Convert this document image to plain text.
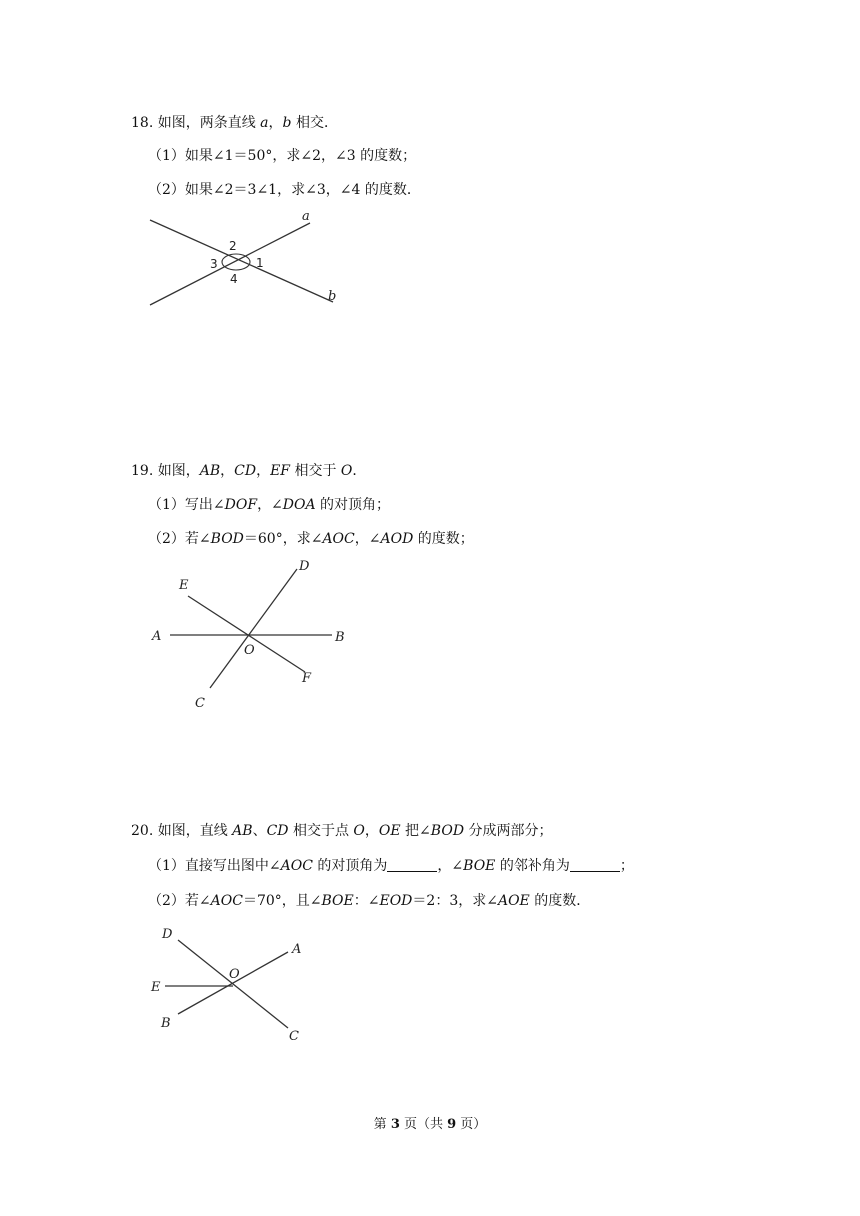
18. 如图，两条直线 a，b 相交．
（1）如果∠1＝50°，求∠2，∠3 的度数；
（2）如果∠2＝3∠1，求∠3，∠4 的度数．
2
3	1
4
a
b
19. 如图，AB，CD，EF 相交于 O．
（1）写出∠DOF，∠DOA 的对顶角；
（2）若∠BOD＝60°，求∠AOC，∠AOD 的度数；
A	B
C
D
E
F
O
20. 如图，直线 AB、CD 相交于点 O，OE 把∠BOD 分成两部分；
（1）直接写出图中∠AOC 的对顶角为	，∠BOE 的邻补角为	；
（2）若∠AOC＝70°，且∠BOE：∠EOD＝2：3，求∠AOE 的度数．
D
A
E
O
B
C
第 3 页（共 9 页）
